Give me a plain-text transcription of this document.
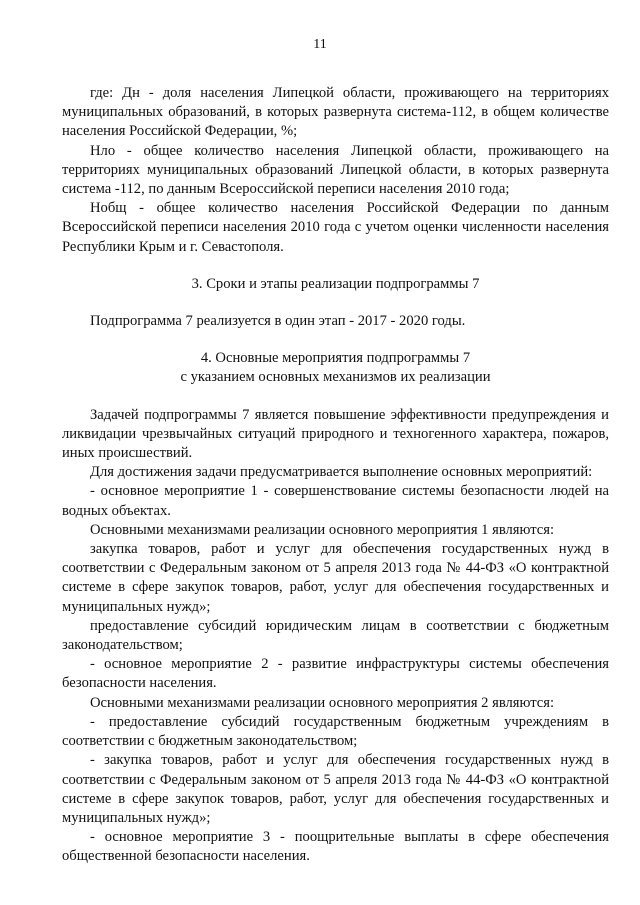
11

где: Дн - доля населения Липецкой области, проживающего на территориях муниципальных образований, в которых развернута система-112, в общем количестве населения Российской Федерации, %;

Нло - общее количество населения Липецкой области, проживающего на территориях муниципальных образований Липецкой области, в которых развернута система -112, по данным Всероссийской переписи населения 2010 года;

Нобщ - общее количество населения Российской Федерации по данным Всероссийской переписи населения 2010 года с учетом оценки численности населения Республики Крым и г. Севастополя.

3. Сроки и этапы реализации подпрограммы 7

Подпрограмма 7 реализуется в один этап - 2017 - 2020 годы.

4. Основные мероприятия подпрограммы 7

с указанием основных механизмов их реализации

Задачей подпрограммы 7 является повышение эффективности предупреждения и ликвидации чрезвычайных ситуаций природного и техногенного характера, пожаров, иных происшествий.

Для достижения задачи предусматривается выполнение основных мероприятий:

- основное мероприятие 1 - совершенствование системы безопасности людей на водных объектах.

Основными механизмами реализации основного мероприятия 1 являются:

закупка товаров, работ и услуг для обеспечения государственных нужд в соответствии с Федеральным законом от 5 апреля 2013 года № 44-ФЗ «О контрактной системе в сфере закупок товаров, работ, услуг для обеспечения государственных и муниципальных нужд»;

предоставление субсидий юридическим лицам в соответствии с бюджетным законодательством;

- основное мероприятие 2 - развитие инфраструктуры системы обеспечения безопасности населения.

Основными механизмами реализации основного мероприятия 2 являются:

- предоставление субсидий государственным бюджетным учреждениям в соответствии с бюджетным законодательством;

- закупка товаров, работ и услуг для обеспечения государственных нужд в соответствии с Федеральным законом от 5 апреля 2013 года № 44-ФЗ «О контрактной системе в сфере закупок товаров, работ, услуг для обеспечения государственных и муниципальных нужд»;

- основное мероприятие 3 - поощрительные выплаты в сфере обеспечения общественной безопасности населения.
